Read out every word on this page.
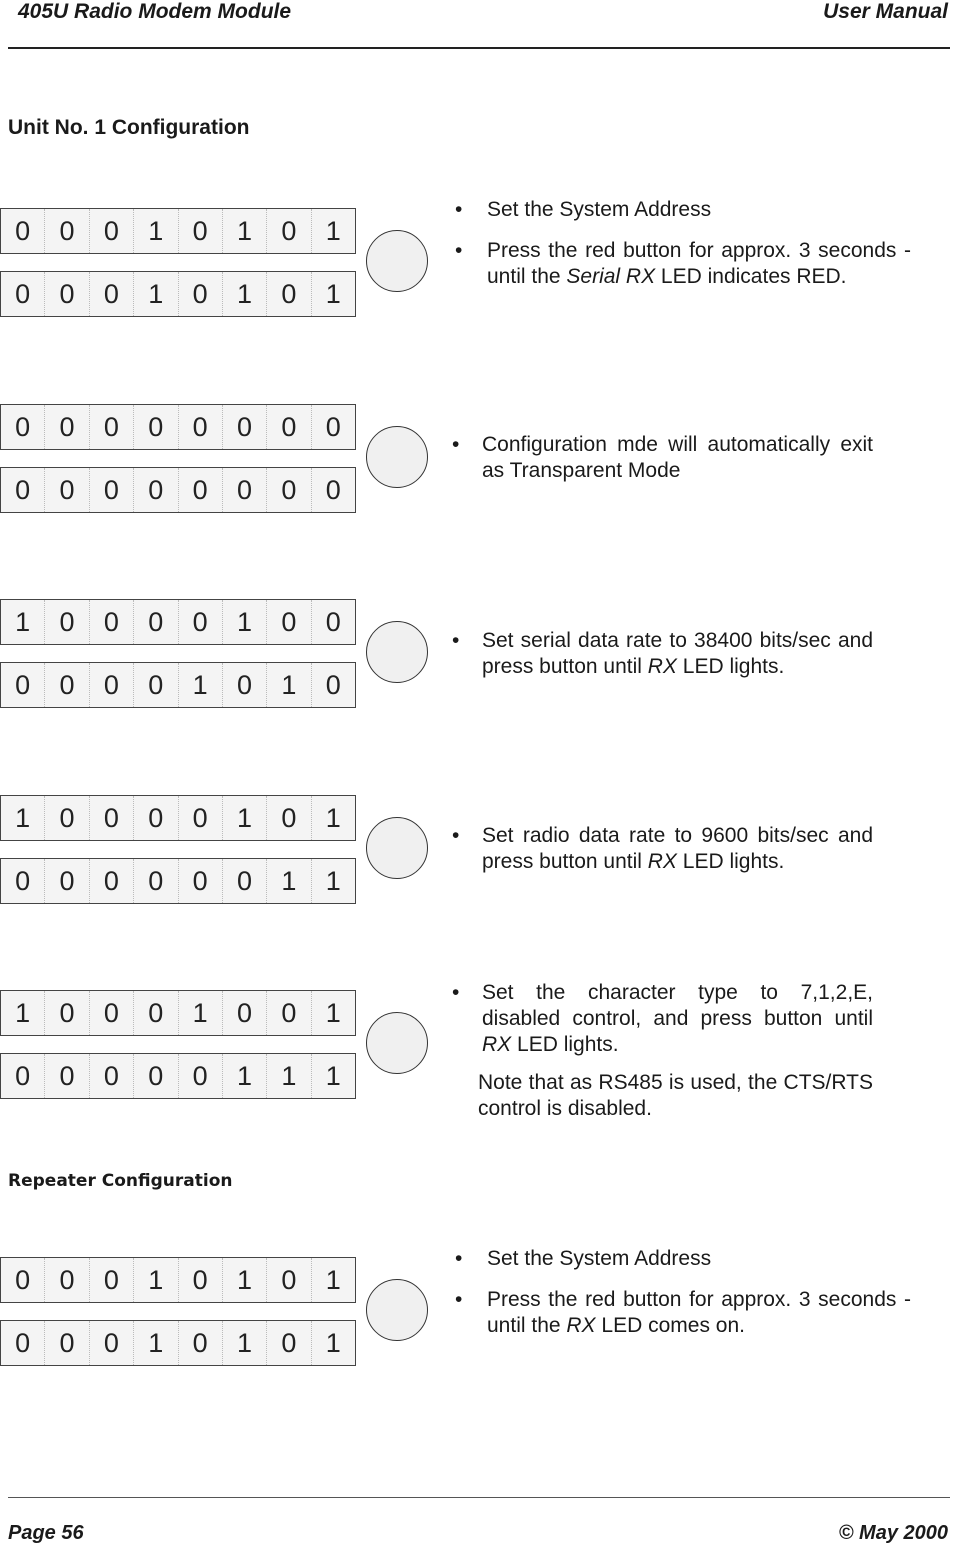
405U Radio Modem Module	User Manual
Unit No. 1 Configuration
0	0	0	1	0	1	0	1
0	0	0	1	0	1	0	1
0	0	0	0	0	0	0	0
0	0	0	0	0	0	0	0
1	0	0	0	0	1	0	0
0	0	0	0	1	0	1	0
1	0	0	0	0	1	0	1
0	0	0	0	0	0	1	1
1	0	0	0	1	0	0	1
0	0	0	0	0	1	1	1
• Set the System Address
• Press the red button for approx. 3 seconds - until the Serial RX LED indicates RED.
• Configuration mde will automatically exit as Transparent Mode
• Set serial data rate to 38400 bits/sec and press button until RX LED lights.
• Set radio data rate to 9600 bits/sec and press button until RX LED lights.
• Set the character type to 7,1,2,E, disabled control, and press button until RX LED lights.
Note that as RS485 is used, the CTS/RTS control is disabled.
Repeater Configuration
0	0	0	1	0	1	0	1
0	0	0	1	0	1	0	1
• Set the System Address
• Press the red button for approx. 3 seconds - until the RX LED comes on.
Page 56	© May 2000
